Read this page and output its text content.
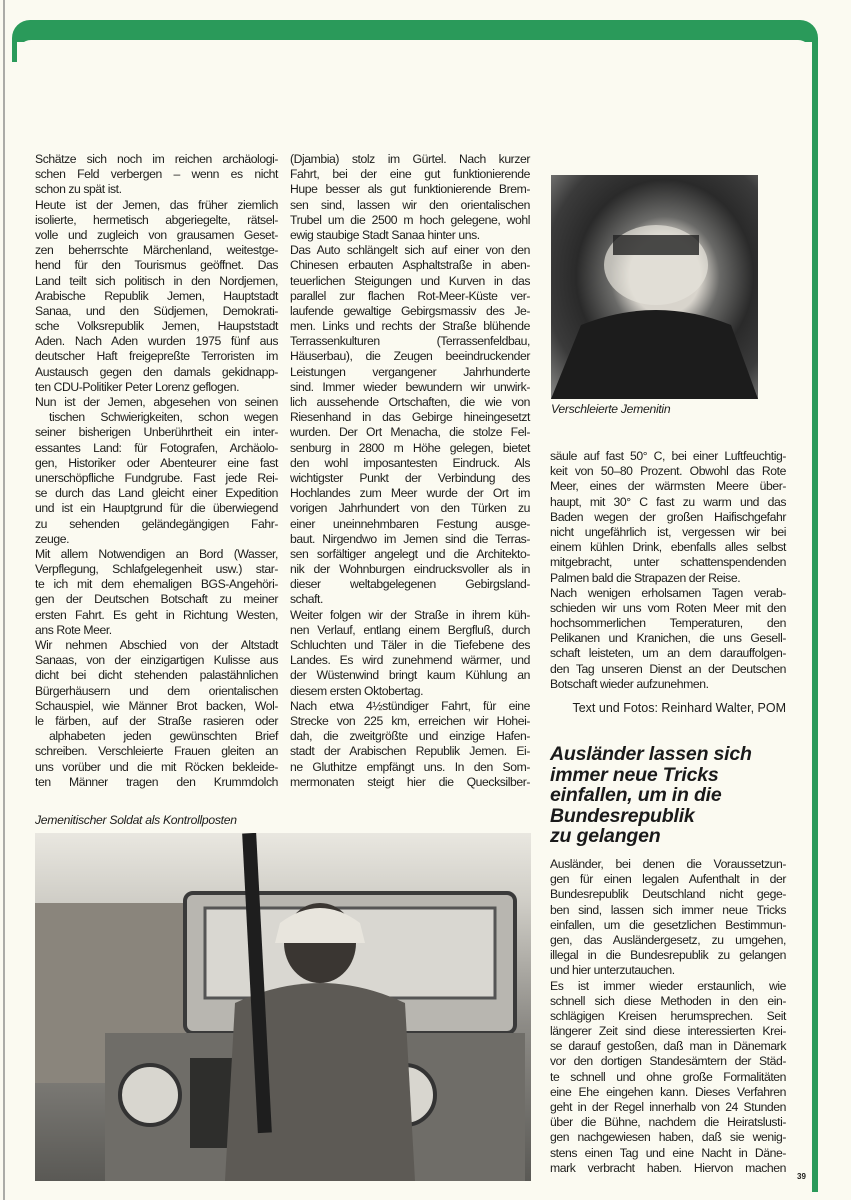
Schätze sich noch im reichen archäologi-
schen Feld verbergen – wenn es nicht
schon zu spät ist.
Heute ist der Jemen, das früher ziemlich
isolierte, hermetisch abgeriegelte, rätsel-
volle und zugleich von grausamen Geset-
zen beherrschte Märchenland, weitestge-
hend für den Tourismus geöffnet. Das
Land teilt sich politisch in den Nordjemen,
Arabische Republik Jemen, Hauptstadt
Sanaa, und den Südjemen, Demokrati-
sche Volksrepublik Jemen, Haupststadt
Aden. Nach Aden wurden 1975 fünf aus
deutscher Haft freigepreßte Terroristen im
Austausch gegen den damals gekidnapp-
ten CDU-Politiker Peter Lorenz geflogen.
Nun ist der Jemen, abgesehen von seinen
tischen Schwierigkeiten, schon wegen
seiner bisherigen Unberührtheit ein inter-
essantes Land: für Fotografen, Archäolo-
gen, Historiker oder Abenteurer eine fast
unerschöpfliche Fundgrube. Fast jede Rei-
se durch das Land gleicht einer Expedition
und ist ein Hauptgrund für die überwiegend
zu sehenden geländegängigen Fahr-
zeuge.
Mit allem Notwendigen an Bord (Wasser,
Verpflegung, Schlafgelegenheit usw.) star-
te ich mit dem ehemaligen BGS-Angehöri-
gen der Deutschen Botschaft zu meiner
ersten Fahrt. Es geht in Richtung Westen,
ans Rote Meer.
Wir nehmen Abschied von der Altstadt
Sanaas, von der einzigartigen Kulisse aus
dicht bei dicht stehenden palastähnlichen
Bürgerhäusern und dem orientalischen
Schauspiel, wie Männer Brot backen, Wol-
le färben, auf der Straße rasieren oder
alphabeten jeden gewünschten Brief
schreiben. Verschleierte Frauen gleiten an
uns vorüber und die mit Röcken bekleide-
ten Männer tragen den Krummdolch
(Djambia) stolz im Gürtel. Nach kurzer
Fahrt, bei der eine gut funktionierende
Hupe besser als gut funktionierende Brem-
sen sind, lassen wir den orientalischen
Trubel um die 2500 m hoch gelegene, wohl
ewig staubige Stadt Sanaa hinter uns.
Das Auto schlängelt sich auf einer von den
Chinesen erbauten Asphaltstraße in aben-
teuerlichen Steigungen und Kurven in das
parallel zur flachen Rot-Meer-Küste ver-
laufende gewaltige Gebirgsmassiv des Je-
men. Links und rechts der Straße blühende
Terrassenkulturen (Terrassenfeldbau,
Häuserbau), die Zeugen beeindruckender
Leistungen vergangener Jahrhunderte
sind. Immer wieder bewundern wir unwirk-
lich aussehende Ortschaften, die wie von
Riesenhand in das Gebirge hineingesetzt
wurden. Der Ort Menacha, die stolze Fel-
senburg in 2800 m Höhe gelegen, bietet
den wohl imposantesten Eindruck. Als
wichtigster Punkt der Verbindung des
Hochlandes zum Meer wurde der Ort im
vorigen Jahrhundert von den Türken zu
einer uneinnehmbaren Festung ausge-
baut. Nirgendwo im Jemen sind die Terras-
sen sorfältiger angelegt und die Architekto-
nik der Wohnburgen eindrucksvoller als in
dieser weltabgelegenen Gebirgsland-
schaft.
Weiter folgen wir der Straße in ihrem küh-
nen Verlauf, entlang einem Bergfluß, durch
Schluchten und Täler in die Tiefebene des
Landes. Es wird zunehmend wärmer, und
der Wüstenwind bringt kaum Kühlung an
diesem ersten Oktobertag.
Nach etwa 4½stündiger Fahrt, für eine
Strecke von 225 km, erreichen wir Hohei-
dah, die zweitgrößte und einzige Hafen-
stadt der Arabischen Republik Jemen. Ei-
ne Gluthitze empfängt uns. In den Som-
mermonaten steigt hier die Quecksilber-
säule auf fast 50° C, bei einer Luftfeuchtig-
keit von 50–80 Prozent. Obwohl das Rote
Meer, eines der wärmsten Meere über-
haupt, mit 30° C fast zu warm und das
Baden wegen der großen Haifischgefahr
nicht ungefährlich ist, vergessen wir bei
einem kühlen Drink, ebenfalls alles selbst
mitgebracht, unter schattenspendenden
Palmen bald die Strapazen der Reise.
Nach wenigen erholsamen Tagen verab-
schieden wir uns vom Roten Meer mit den
hochsommerlichen Temperaturen, den
Pelikanen und Kranichen, die uns Gesell-
schaft leisteten, um an dem darauffolgen-
den Tag unseren Dienst an der Deutschen
Botschaft wieder aufzunehmen.
Ausländer, bei denen die Voraussetzun-
gen für einen legalen Aufenthalt in der
Bundesrepublik Deutschland nicht gege-
ben sind, lassen sich immer neue Tricks
einfallen, um die gesetzlichen Bestimmun-
gen, das Ausländergesetz, zu umgehen,
illegal in die Bundesrepublik zu gelangen
und hier unterzutauchen.
Es ist immer wieder erstaunlich, wie
schnell sich diese Methoden in den ein-
schlägigen Kreisen herumsprechen. Seit
längerer Zeit sind diese interessierten Krei-
se darauf gestoßen, daß man in Dänemark
vor den dortigen Standesämtern der Städ-
te schnell und ohne große Formalitäten
eine Ehe eingehen kann. Dieses Verfahren
geht in der Regel innerhalb von 24 Stunden
über die Bühne, nachdem die Heiratslusti-
gen nachgewiesen haben, daß sie wenig-
stens einen Tag und eine Nacht in Däne-
mark verbracht haben. Hiervon machen
Verschleierte Jemenitin
Jemenitischer Soldat als Kontrollposten
Text und Fotos: Reinhard Walter, POM
Ausländer lassen sich
immer neue Tricks
einfallen, um in die
Bundesrepublik
zu gelangen
39
